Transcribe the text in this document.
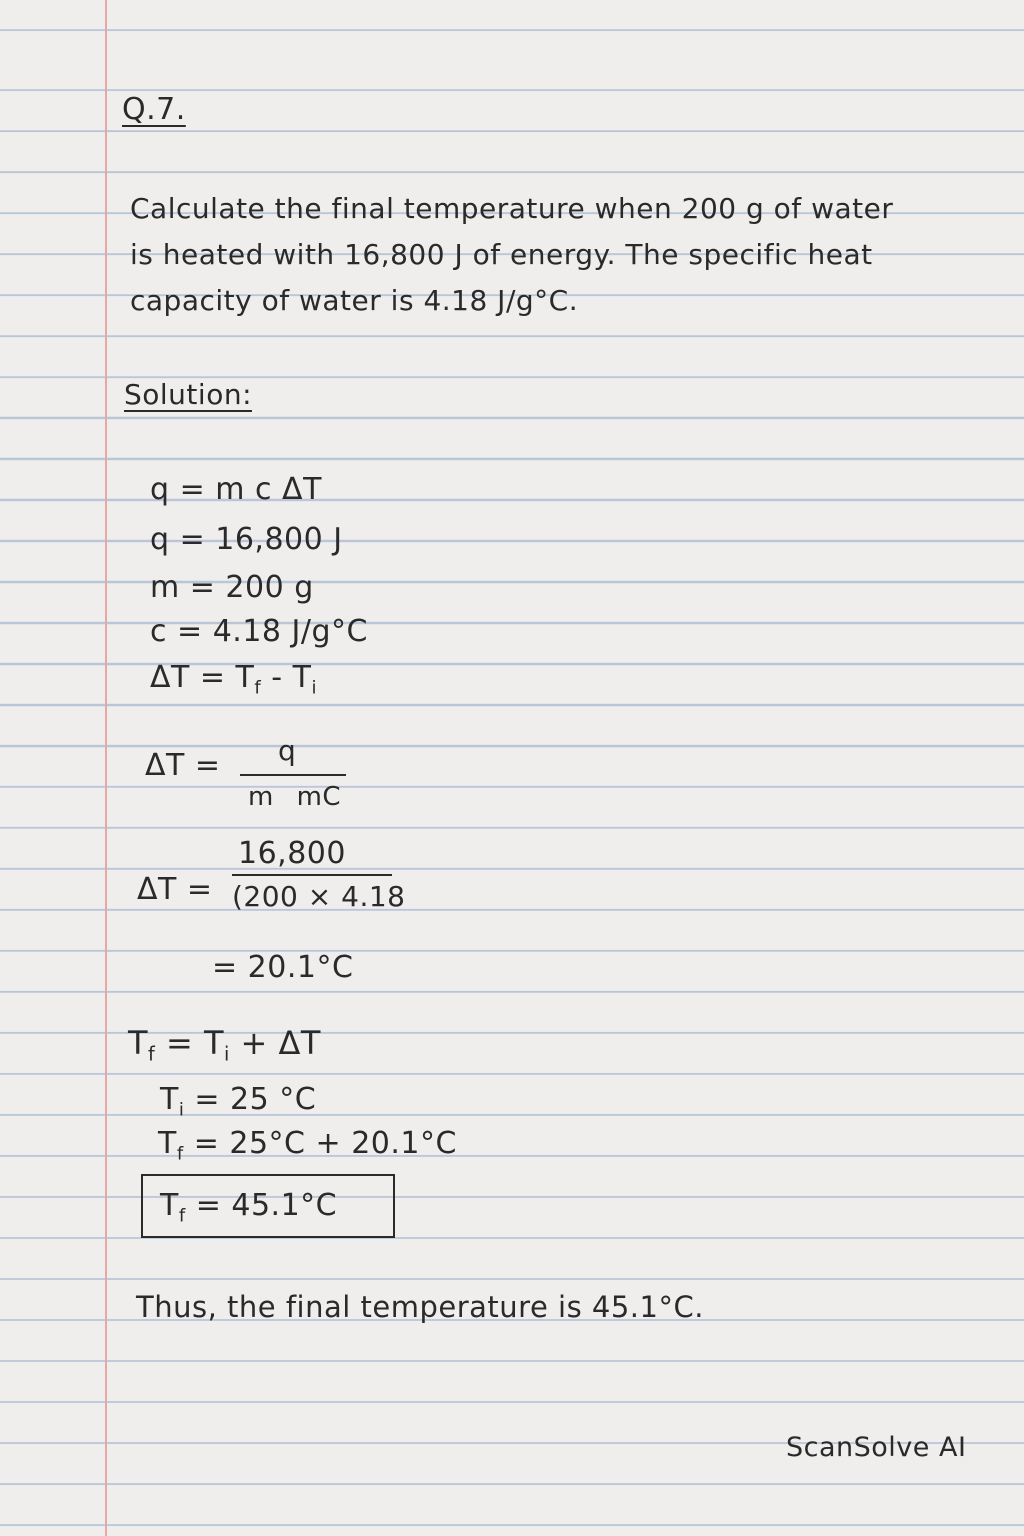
Q.7.
Calculate the final temperature when 200 g of water
is heated with 16,800 J of energy. The specific heat
capacity of water is 4.18 J/g°C.
Solution:
q = m c ΔT
q = 16,800 J
m = 200 g
c = 4.18 J/g°C
$\Delta T = T_f - T_i$
ΔT = q
m mC
ΔT =
16,800
(200 × 4.18
= 20.1°C
$T_f = T_i + \Delta T$
$T_i = 25$ °C
$T_f = 25^\circ C + 20.1^\circ C$
$T_f = 45.1^\circ C$
Thus, the final temperature is 45.1°C.
ScanSolve AI
